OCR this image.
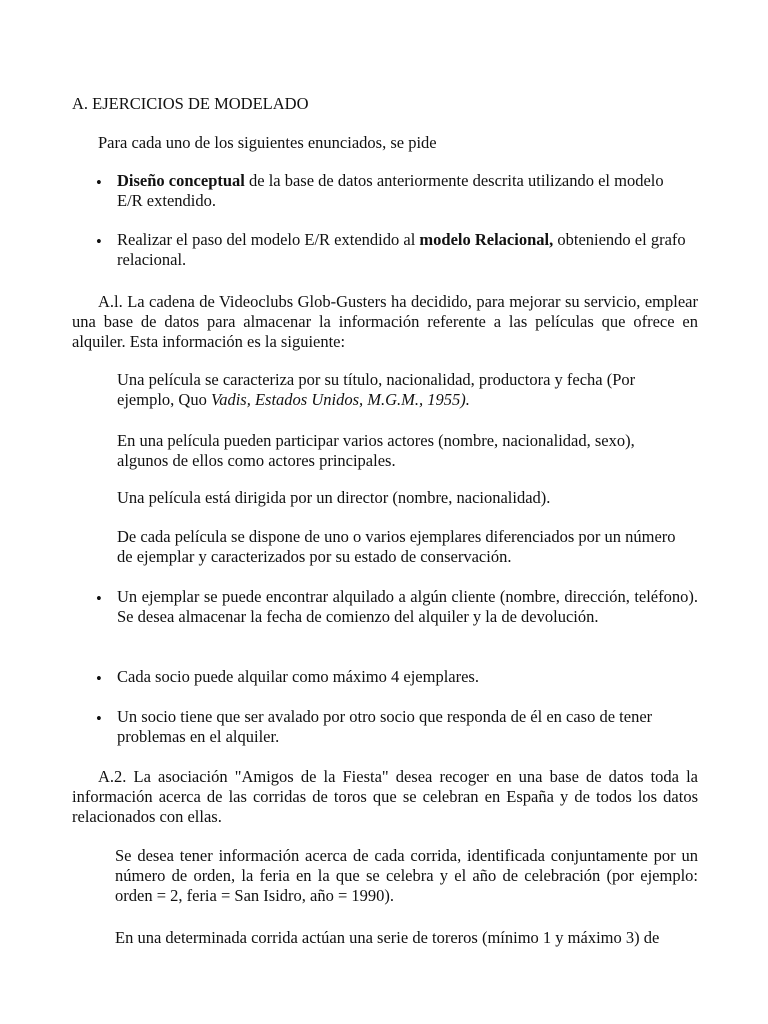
A. EJERCICIOS DE MODELADO

Para cada uno de los siguientes enunciados, se pide

• Diseño conceptual de la base de datos anteriormente descrita utilizando el modelo E/R extendido.

• Realizar el paso del modelo E/R extendido al modelo Relacional, obteniendo el grafo relacional.

A.l. La cadena de Videoclubs Glob-Gusters ha decidido, para mejorar su servicio, emplear una base de datos para almacenar la información referente a las películas que ofrece en alquiler. Esta información es la siguiente:

Una película se caracteriza por su título, nacionalidad, productora y fecha (Por ejemplo, Quo Vadis, Estados Unidos, M.G.M., 1955).

En una película pueden participar varios actores (nombre, nacionalidad, sexo), algunos de ellos como actores principales.

Una película está dirigida por un director (nombre, nacionalidad).

De cada película se dispone de uno o varios ejemplares diferenciados por un número de ejemplar y caracterizados por su estado de conservación.

• Un ejemplar se puede encontrar alquilado a algún cliente (nombre, dirección, teléfono). Se desea almacenar la fecha de comienzo del alquiler y la de devolución.

• Cada socio puede alquilar como máximo 4 ejemplares.

• Un socio tiene que ser avalado por otro socio que responda de él en caso de tener problemas en el alquiler.

A.2. La asociación "Amigos de la Fiesta" desea recoger en una base de datos toda la información acerca de las corridas de toros que se celebran en España y de todos los datos relacionados con ellas.

Se desea tener información acerca de cada corrida, identificada conjuntamente por un número de orden, la feria en la que se celebra y el año de celebración (por ejemplo: orden = 2, feria = San Isidro, año = 1990).

En una determinada corrida actúan una serie de toreros (mínimo 1 y máximo 3) de
